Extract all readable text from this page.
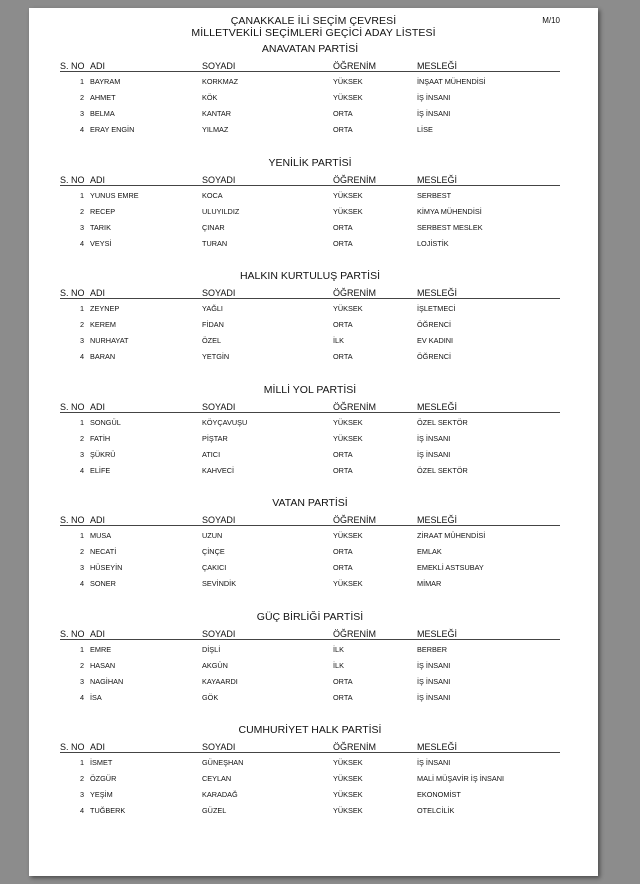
ÇANAKKALE İLİ SEÇİM ÇEVRESİ
MİLLETVEKİLİ SEÇİMLERİ GEÇİCİ ADAY LİSTESİ
M/10
ANAVATAN PARTİSİ
S. NO ADI	SOYADI	ÖĞRENİM	MESLEĞİ
1 BAYRAM	KORKMAZ	YÜKSEK	İNŞAAT MÜHENDİSİ
2 AHMET	KÖK	YÜKSEK	İŞ İNSANI
3 BELMA	KANTAR	ORTA	İŞ İNSANI
4 ERAY ENGİN	YILMAZ	ORTA	LİSE
YENİLİK PARTİSİ
S. NO ADI	SOYADI	ÖĞRENİM	MESLEĞİ
1 YUNUS EMRE	KOCA	YÜKSEK	SERBEST
2 RECEP	ULUYILDIZ	YÜKSEK	KİMYA MÜHENDİSİ
3 TARIK	ÇINAR	ORTA	SERBEST MESLEK
4 VEYSİ	TURAN	ORTA	LOJİSTİK
HALKIN KURTULUŞ PARTİSİ
S. NO ADI	SOYADI	ÖĞRENİM	MESLEĞİ
1 ZEYNEP	YAĞLI	YÜKSEK	İŞLETMECİ
2 KEREM	FİDAN	ORTA	ÖĞRENCİ
3 NURHAYAT	ÖZEL	İLK	EV KADINI
4 BARAN	YETGİN	ORTA	ÖĞRENCİ
MİLLİ YOL PARTİSİ
S. NO ADI	SOYADI	ÖĞRENİM	MESLEĞİ
1 SONGÜL	KÖYÇAVUŞU	YÜKSEK	ÖZEL SEKTÖR
2 FATİH	PİŞTAR	YÜKSEK	İŞ İNSANI
3 ŞÜKRÜ	ATICI	ORTA	İŞ İNSANI
4 ELİFE	KAHVECİ	ORTA	ÖZEL SEKTÖR
VATAN PARTİSİ
S. NO ADI	SOYADI	ÖĞRENİM	MESLEĞİ
1 MUSA	UZUN	YÜKSEK	ZİRAAT MÜHENDİSİ
2 NECATİ	ÇİNÇE	ORTA	EMLAK
3 HÜSEYİN	ÇAKICI	ORTA	EMEKLİ ASTSUBAY
4 SONER	SEVİNDİK	YÜKSEK	MİMAR
GÜÇ BİRLİĞİ PARTİSİ
S. NO ADI	SOYADI	ÖĞRENİM	MESLEĞİ
1 EMRE	DİŞLİ	İLK	BERBER
2 HASAN	AKGÜN	İLK	İŞ İNSANI
3 NAGİHAN	KAYAARDI	ORTA	İŞ İNSANI
4 İSA	GÖK	ORTA	İŞ İNSANI
CUMHURİYET HALK PARTİSİ
S. NO ADI	SOYADI	ÖĞRENİM	MESLEĞİ
1 İSMET	GÜNEŞHAN	YÜKSEK	İŞ İNSANI
2 ÖZGÜR	CEYLAN	YÜKSEK	MALİ MÜŞAVİR İŞ İNSANI
3 YEŞİM	KARADAĞ	YÜKSEK	EKONOMİST
4 TUĞBERK	GÜZEL	YÜKSEK	OTELCİLİK
